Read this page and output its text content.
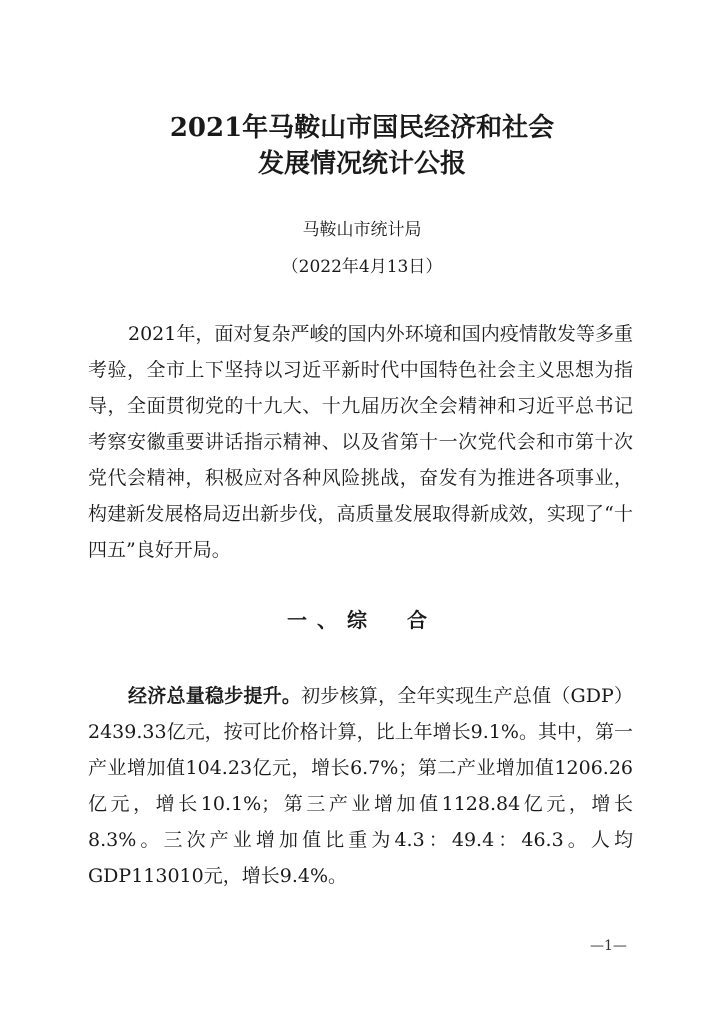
2021年马鞍山市国民经济和社会
发展情况统计公报
马鞍山市统计局
（2022年4月13日）

2021年，面对复杂严峻的国内外环境和国内疫情散发等多重考验，全市上下坚持以习近平新时代中国特色社会主义思想为指导，全面贯彻党的十九大、十九届历次全会精神和习近平总书记考察安徽重要讲话指示精神、以及省第十一次党代会和市第十次党代会精神，积极应对各种风险挑战，奋发有为推进各项事业，构建新发展格局迈出新步伐，高质量发展取得新成效，实现了“十四五”良好开局。

一、综　合

经济总量稳步提升。初步核算，全年实现生产总值（GDP）2439.33亿元，按可比价格计算，比上年增长9.1%。其中，第一产业增加值104.23亿元，增长6.7%；第二产业增加值1206.26亿元，增长10.1%；第三产业增加值1128.84亿元，增长8.3%。三次产业增加值比重为4.3：49.4：46.3。人均GDP113010元，增长9.4%。

—1—
